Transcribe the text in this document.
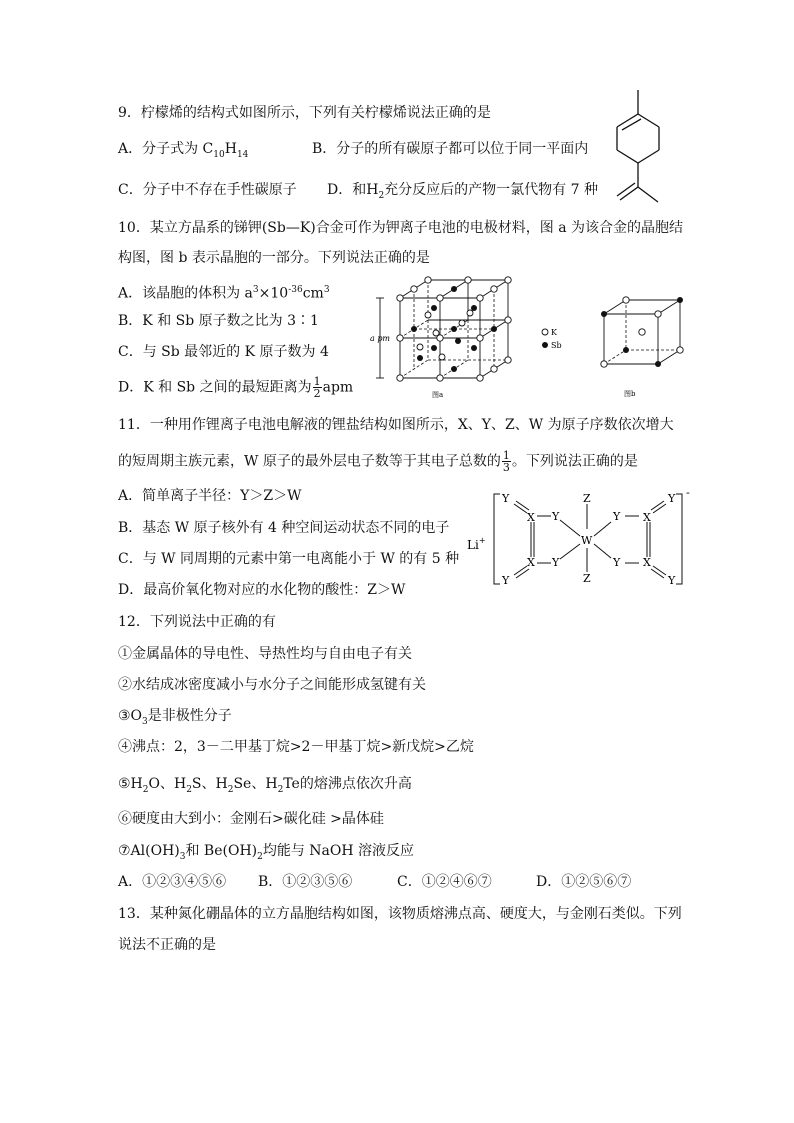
9．柠檬烯的结构式如图所示，下列有关柠檬烯说法正确的是
A．分子式为 $C_{10}H_{14}$	B．分子的所有碳原子都可以位于同一平面内
C．分子中不存在手性碳原子 D．和$H_2$充分反应后的产物一氯代物有 7 种
10．某立方晶系的锑钾(Sb—K)合金可作为钾离子电池的电极材料，图 a 为该合金的晶胞结
构图，图 b 表示晶胞的一部分。下列说法正确的是
A．该晶胞的体积为 $a^3\times 10^{-36}cm^3$
B．K 和 Sb 原子数之比为 3∶1
C．与 Sb 最邻近的 K 原子数为 4
D．K 和 Sb 之间的最短距离为 $\frac{1}{2}$ apm
a pm
图a
K
Sb
图b
11．一种用作锂离子电池电解液的锂盐结构如图所示，X、Y、Z、W 为原子序数依次增大
的短周期主族元素，W 原子的最外层电子数等于其电子总数的 $\frac{1}{3}$ 。下列说法正确的是
A．简单离子半径：Y＞Z＞W
B．基态 W 原子核外有 4 种空间运动状态不同的电子
C．与 W 同周期的元素中第一电离能小于 W 的有 5 种
D．最高价氧化物对应的水化物的酸性：Z＞W
Li+
Y
X Y
X
Y
Y
Z
W
Z
Y
Y
X
X
Y
Y
-
12．下列说法中正确的有
①金属晶体的导电性、导热性均与自由电子有关
②水结成冰密度减小与水分子之间能形成氢键有关
$③O_3$是非极性分子
④沸点：2，3－二甲基丁烷>2－甲基丁烷>新戊烷>乙烷
$⑤H_2O$、$H_2S$、$H_2Se$、$H_2Te$的熔沸点依次升高
⑥硬度由大到小：金刚石>碳化硅 >晶体硅
$⑦Al(OH)_3$和 $Be(OH)_2$均能与 NaOH 溶液反应
A．①②③④⑤⑥ B．①②③⑤⑥	C．①②④⑥⑦	D．①②⑤⑥⑦
13．某种氮化硼晶体的立方晶胞结构如图，该物质熔沸点高、硬度大，与金刚石类似。下列
说法不正确的是
